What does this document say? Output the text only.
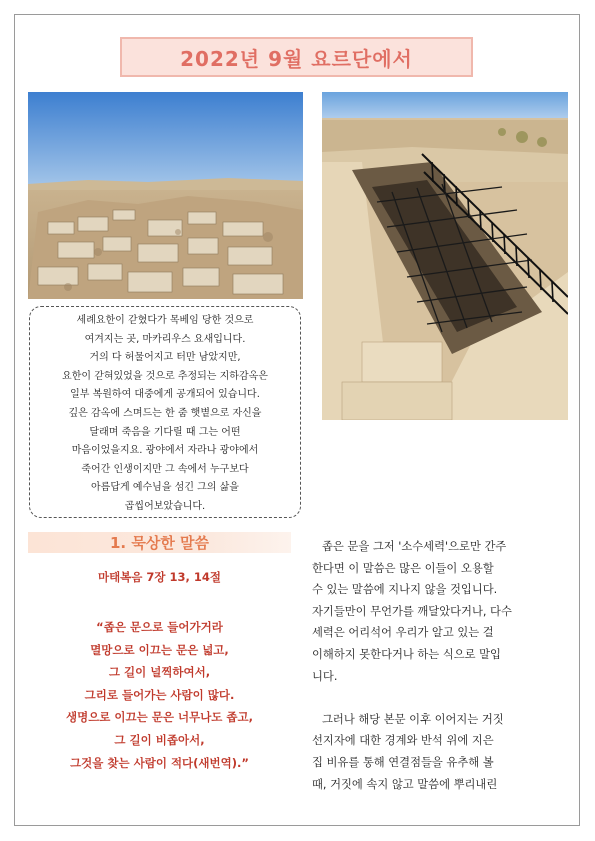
2022년 9월 요르단에서
세례요한이 갇혔다가 목베임 당한 것으로
여겨지는 곳, 마카리우스 요새입니다.
거의 다 허물어지고 터만 남았지만,
요한이 갇혀있었을 것으로 추정되는 지하감옥은
일부 복원하여 대중에게 공개되어 있습니다.
깊은 감옥에 스며드는 한 줌 햇볕으로 자신을
달래며 죽음을 기다릴 때 그는 어떤
마음이었을지요. 광야에서 자라나 광야에서
죽어간 인생이지만 그 속에서 누구보다
아름답게 예수님을 섬긴 그의 삶을
곱씹어보았습니다.
1. 묵상한 말씀
마태복음 7장 13, 14절
“좁은 문으로 들어가거라
멸망으로 이끄는 문은 넓고,
그 길이 널찍하여서,
그리로 들어가는 사람이 많다.
생명으로 이끄는 문은 너무나도 좁고,
그 길이 비좁아서,
그것을 찾는 사람이 적다(새번역).”
좁은 문을 그저 '소수세력'으로만 간주
한다면 이 말씀은 많은 이들이 오용할
수 있는 말씀에 지나지 않을 것입니다.
자기들만이 무언가를 깨달았다거나, 다수
세력은 어리석어 우리가 알고 있는 걸
이해하지 못한다거나 하는 식으로 말입
니다.
그러나 해당 본문 이후 이어지는 거짓
선지자에 대한 경계와 반석 위에 지은
집 비유를 통해 연결점들을 유추해 볼
때, 거짓에 속지 않고 말씀에 뿌리내린
